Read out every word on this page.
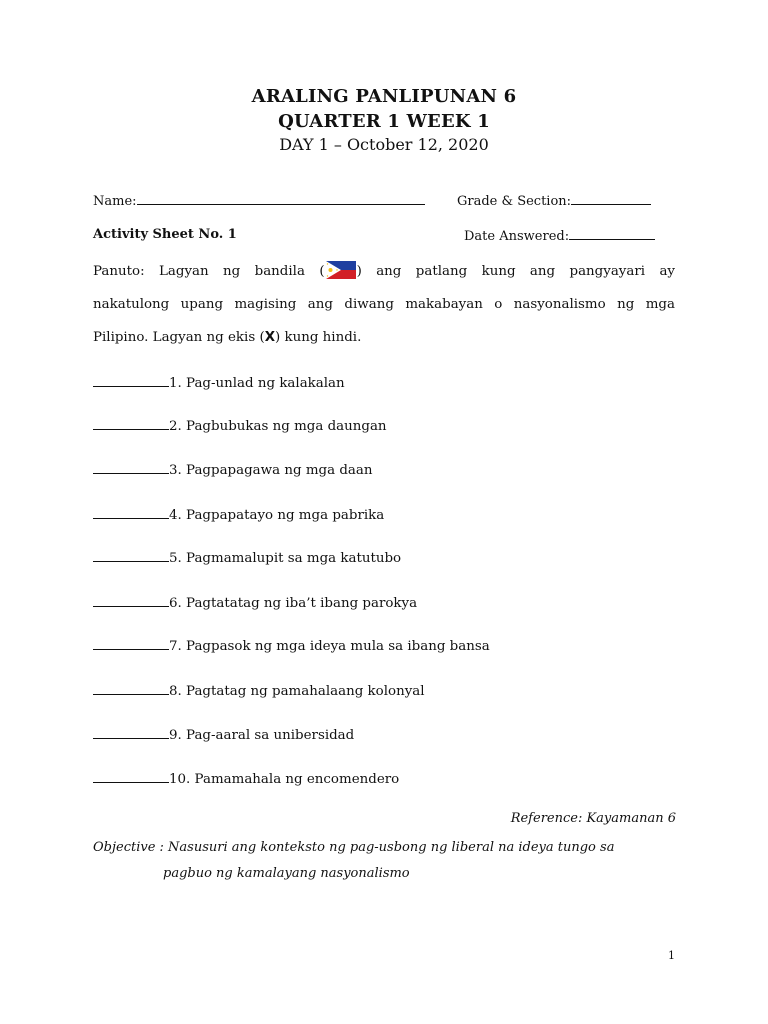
ARALING PANLIPUNAN 6
QUARTER 1 WEEK 1
DAY 1 – October 12, 2020
Name:	Grade & Section:
Activity Sheet No. 1	Date Answered:
Panuto: Lagyan ng bandila ( ) ang patlang kung ang pangyayari ay
nakatulong upang magising ang diwang makabayan o nasyonalismo ng mga
Pilipino. Lagyan ng ekis (X) kung hindi.
1. Pag-unlad ng kalakalan
2. Pagbubukas ng mga daungan
3. Pagpapagawa ng mga daan
4. Pagpapatayo ng mga pabrika
5. Pagmamalupit sa mga katutubo
6. Pagtatatag ng iba’t ibang parokya
7. Pagpasok ng mga ideya mula sa ibang bansa
8. Pagtatag ng pamahalaang kolonyal
9. Pag-aaral sa unibersidad
10. Pamamahala ng encomendero
Reference: Kayamanan 6
Objective : Nasusuri ang konteksto ng pag-usbong ng liberal na ideya tungo sa
pagbuo ng kamalayang nasyonalismo
1
